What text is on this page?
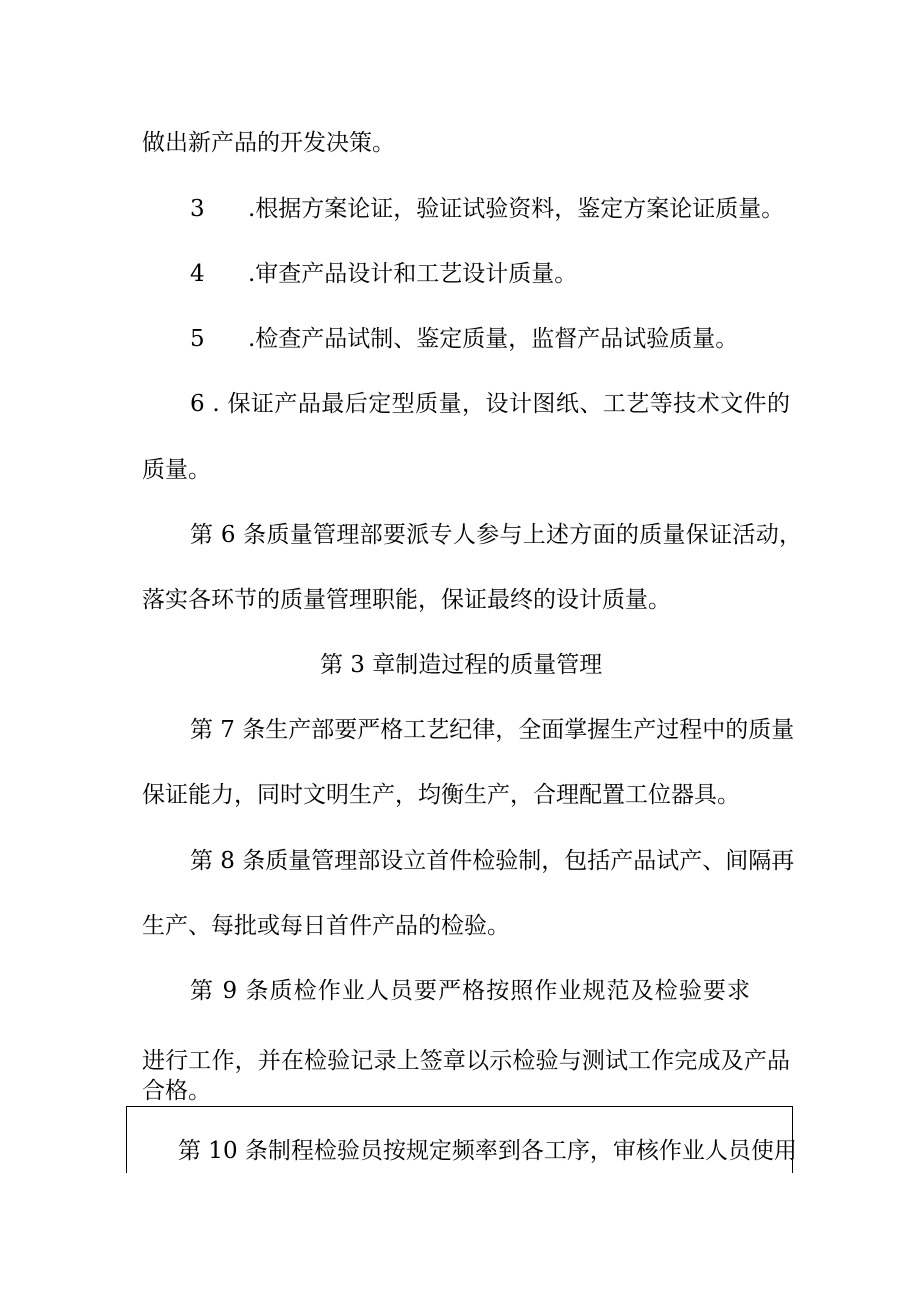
做出新产品的开发决策。

3 .根据方案论证，验证试验资料，鉴定方案论证质量。

4 .审查产品设计和工艺设计质量。

5 .检查产品试制、鉴定质量，监督产品试验质量。

6 . 保证产品最后定型质量，设计图纸、工艺等技术文件的

质量。

第 6 条质量管理部要派专人参与上述方面的质量保证活动，

落实各环节的质量管理职能，保证最终的设计质量。

第 3 章制造过程的质量管理

第 7 条生产部要严格工艺纪律，全面掌握生产过程中的质量

保证能力，同时文明生产，均衡生产，合理配置工位器具。

第 8 条质量管理部设立首件检验制，包括产品试产、间隔再

生产、每批或每日首件产品的检验。

第 9 条质检作业人员要严格按照作业规范及检验要求

进行工作，并在检验记录上签章以示检验与测试工作完成及产品

合格。

第 10 条制程检验员按规定频率到各工序，审核作业人员使用
